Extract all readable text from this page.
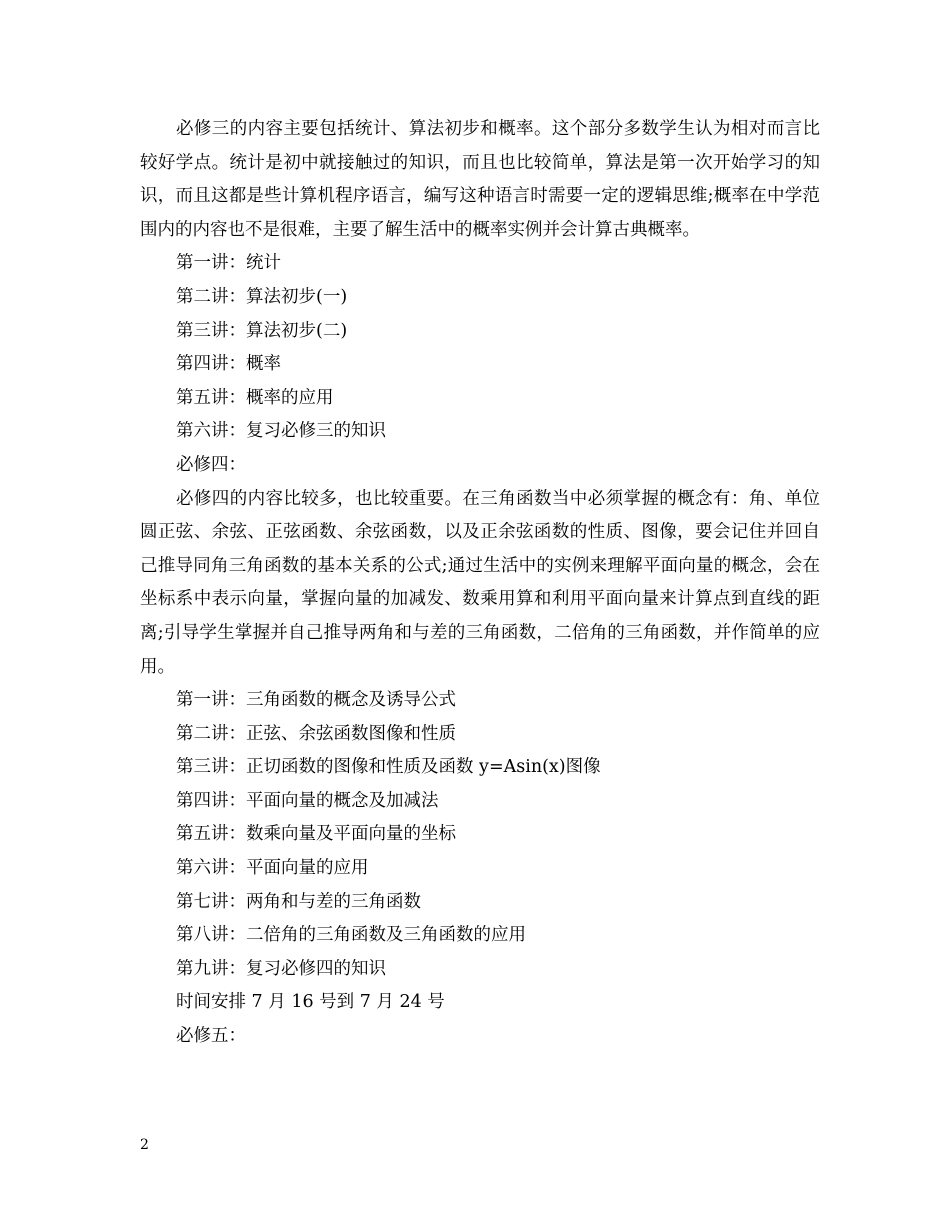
必修三的内容主要包括统计、算法初步和概率。这个部分多数学生认为相对而言比较好学点。统计是初中就接触过的知识，而且也比较简单，算法是第一次开始学习的知识，而且这都是些计算机程序语言，编写这种语言时需要一定的逻辑思维;概率在中学范围内的内容也不是很难，主要了解生活中的概率实例并会计算古典概率。

第一讲：统计

第二讲：算法初步(一)

第三讲：算法初步(二)

第四讲：概率

第五讲：概率的应用

第六讲：复习必修三的知识

必修四：

必修四的内容比较多，也比较重要。在三角函数当中必须掌握的概念有：角、单位圆正弦、余弦、正弦函数、余弦函数，以及正余弦函数的性质、图像，要会记住并回自己推导同角三角函数的基本关系的公式;通过生活中的实例来理解平面向量的概念，会在坐标系中表示向量，掌握向量的加减发、数乘用算和利用平面向量来计算点到直线的距离;引导学生掌握并自己推导两角和与差的三角函数，二倍角的三角函数，并作简单的应用。

第一讲：三角函数的概念及诱导公式

第二讲：正弦、余弦函数图像和性质

第三讲：正切函数的图像和性质及函数 y=Asin(x)图像

第四讲：平面向量的概念及加减法

第五讲：数乘向量及平面向量的坐标

第六讲：平面向量的应用

第七讲：两角和与差的三角函数

第八讲：二倍角的三角函数及三角函数的应用

第九讲：复习必修四的知识

时间安排 7 月 16 号到 7 月 24 号

必修五：

2
